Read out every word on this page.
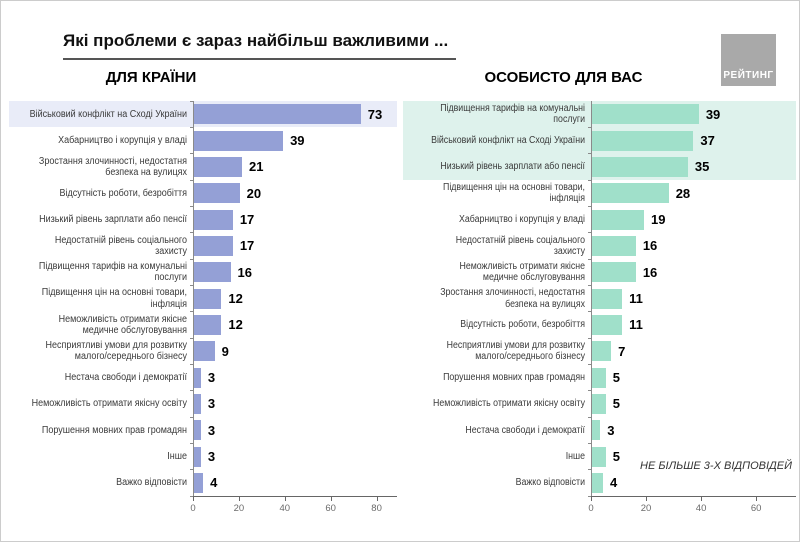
Які проблеми є зараз найбільш важливими ...
РЕЙТИНГ
ДЛЯ КРАЇНИ
Військовий конфлікт на Сході України	73
Хабарництво і корупція у владі	39
Зростання злочинності, недостатня безпека на вулицях	21
Відсутність роботи, безробіття	20
Низький рівень зарплати або пенсії	17
Недостатній рівень соціального захисту	17
Підвищення тарифів на комунальні послуги	16
Підвищення цін на основні товари, інфляція	12
Неможливість отримати якісне медичне обслуговування	12
Несприятливі умови для розвитку малого/середнього бізнесу	9
Нестача свободи і демократії 3
Неможливість отримати якісну освіту 3
Порушення мовних прав громадян 3
Інше 3
Важко відповісти 4
0	20	40	60	80
ОСОБИСТО ДЛЯ ВАС
НЕ БІЛЬШЕ 3-Х ВІДПОВІДЕЙ
Підвищення тарифів на комунальні послуги	39
Військовий конфлікт на Сході України	37
Низький рівень зарплати або пенсії	35
Підвищення цін на основні товари, інфляція	28
Хабарництво і корупція у владі	19
Недостатній рівень соціального захисту	16
Неможливість отримати якісне медичне обслуговування	16
Зростання злочинності, недостатня безпека на вулицях	11
Відсутність роботи, безробіття	11
Несприятливі умови для розвитку малого/середнього бізнесу	7
Порушення мовних прав громадян 5
Неможливість отримати якісну освіту 5
Нестача свободи і демократії 3
Інше 5
Важко відповісти 4
0	20	40	60
